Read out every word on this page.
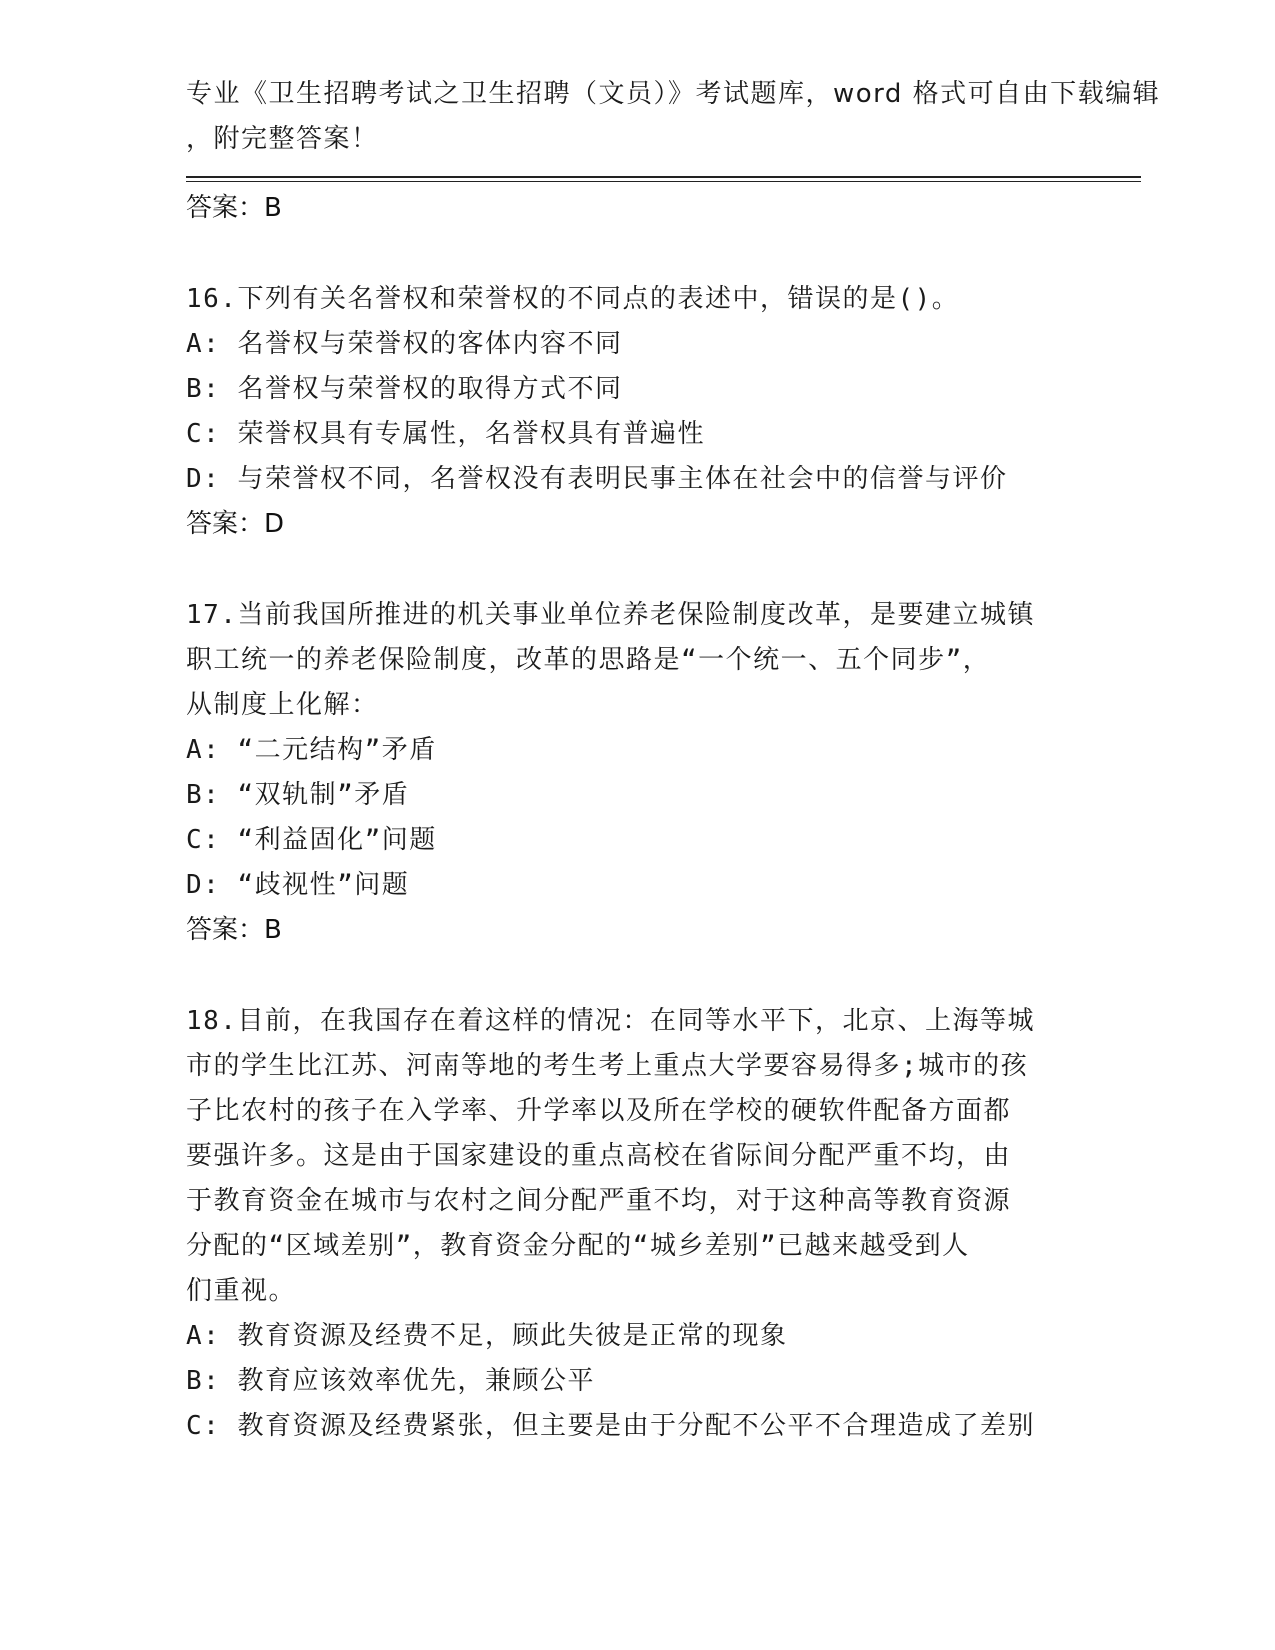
专业《卫生招聘考试之卫生招聘（文员）》考试题库，word 格式可自由下载编辑
，附完整答案！
答案：B
16.下列有关名誉权和荣誉权的不同点的表述中，错误的是()。
A: 名誉权与荣誉权的客体内容不同
B: 名誉权与荣誉权的取得方式不同
C: 荣誉权具有专属性，名誉权具有普遍性
D: 与荣誉权不同，名誉权没有表明民事主体在社会中的信誉与评价
答案：D
17.当前我国所推进的机关事业单位养老保险制度改革，是要建立城镇
职工统一的养老保险制度，改革的思路是“一个统一、五个同步”，
从制度上化解：
A: “二元结构”矛盾
B: “双轨制”矛盾
C: “利益固化”问题
D: “歧视性”问题
答案：B
18.目前，在我国存在着这样的情况：在同等水平下，北京、上海等城
市的学生比江苏、河南等地的考生考上重点大学要容易得多;城市的孩
子比农村的孩子在入学率、升学率以及所在学校的硬软件配备方面都
要强许多。这是由于国家建设的重点高校在省际间分配严重不均，由
于教育资金在城市与农村之间分配严重不均，对于这种高等教育资源
分配的“区域差别”，教育资金分配的“城乡差别”已越来越受到人
们重视。
A: 教育资源及经费不足，顾此失彼是正常的现象
B: 教育应该效率优先，兼顾公平
C: 教育资源及经费紧张，但主要是由于分配不公平不合理造成了差别
